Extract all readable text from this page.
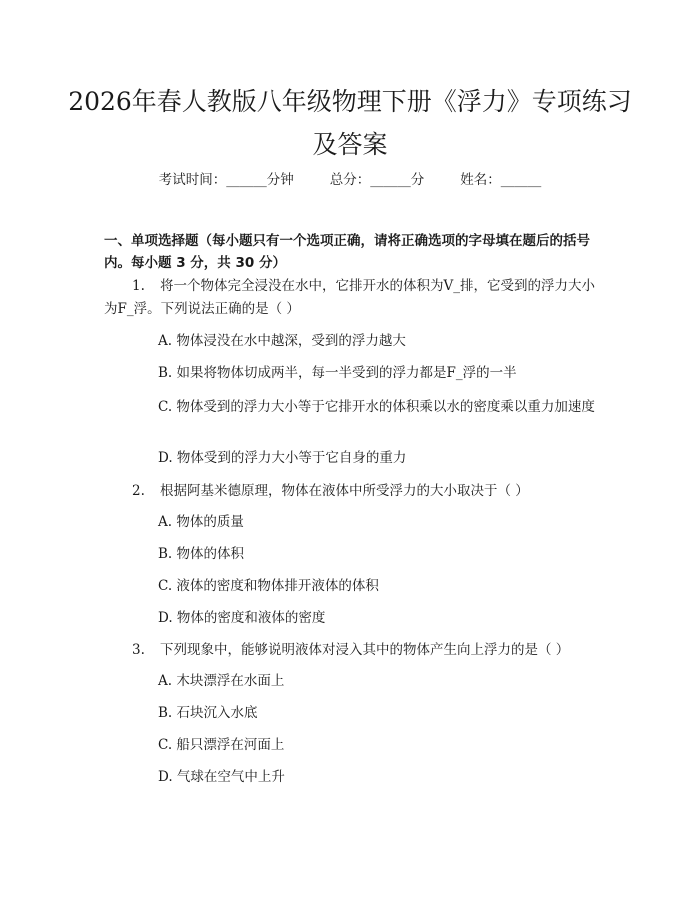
2026年春人教版八年级物理下册《浮力》专项练习及答案
考试时间：______分钟	总分：______分	姓名：______

一、单项选择题（每小题只有一个选项正确，请将正确选项的字母填在题后的括号内。每小题 3 分，共 30 分）

1. 将一个物体完全浸没在水中，它排开水的体积为V_排，它受到的浮力大小为F_浮。下列说法正确的是（ ）

A. 物体浸没在水中越深，受到的浮力越大

B. 如果将物体切成两半，每一半受到的浮力都是F_浮的一半

C. 物体受到的浮力大小等于它排开水的体积乘以水的密度乘以重力加速度

D. 物体受到的浮力大小等于它自身的重力

2. 根据阿基米德原理，物体在液体中所受浮力的大小取决于（ ）

A. 物体的质量

B. 物体的体积

C. 液体的密度和物体排开液体的体积

D. 物体的密度和液体的密度

3. 下列现象中，能够说明液体对浸入其中的物体产生向上浮力的是（ ）

A. 木块漂浮在水面上

B. 石块沉入水底

C. 船只漂浮在河面上

D. 气球在空气中上升
